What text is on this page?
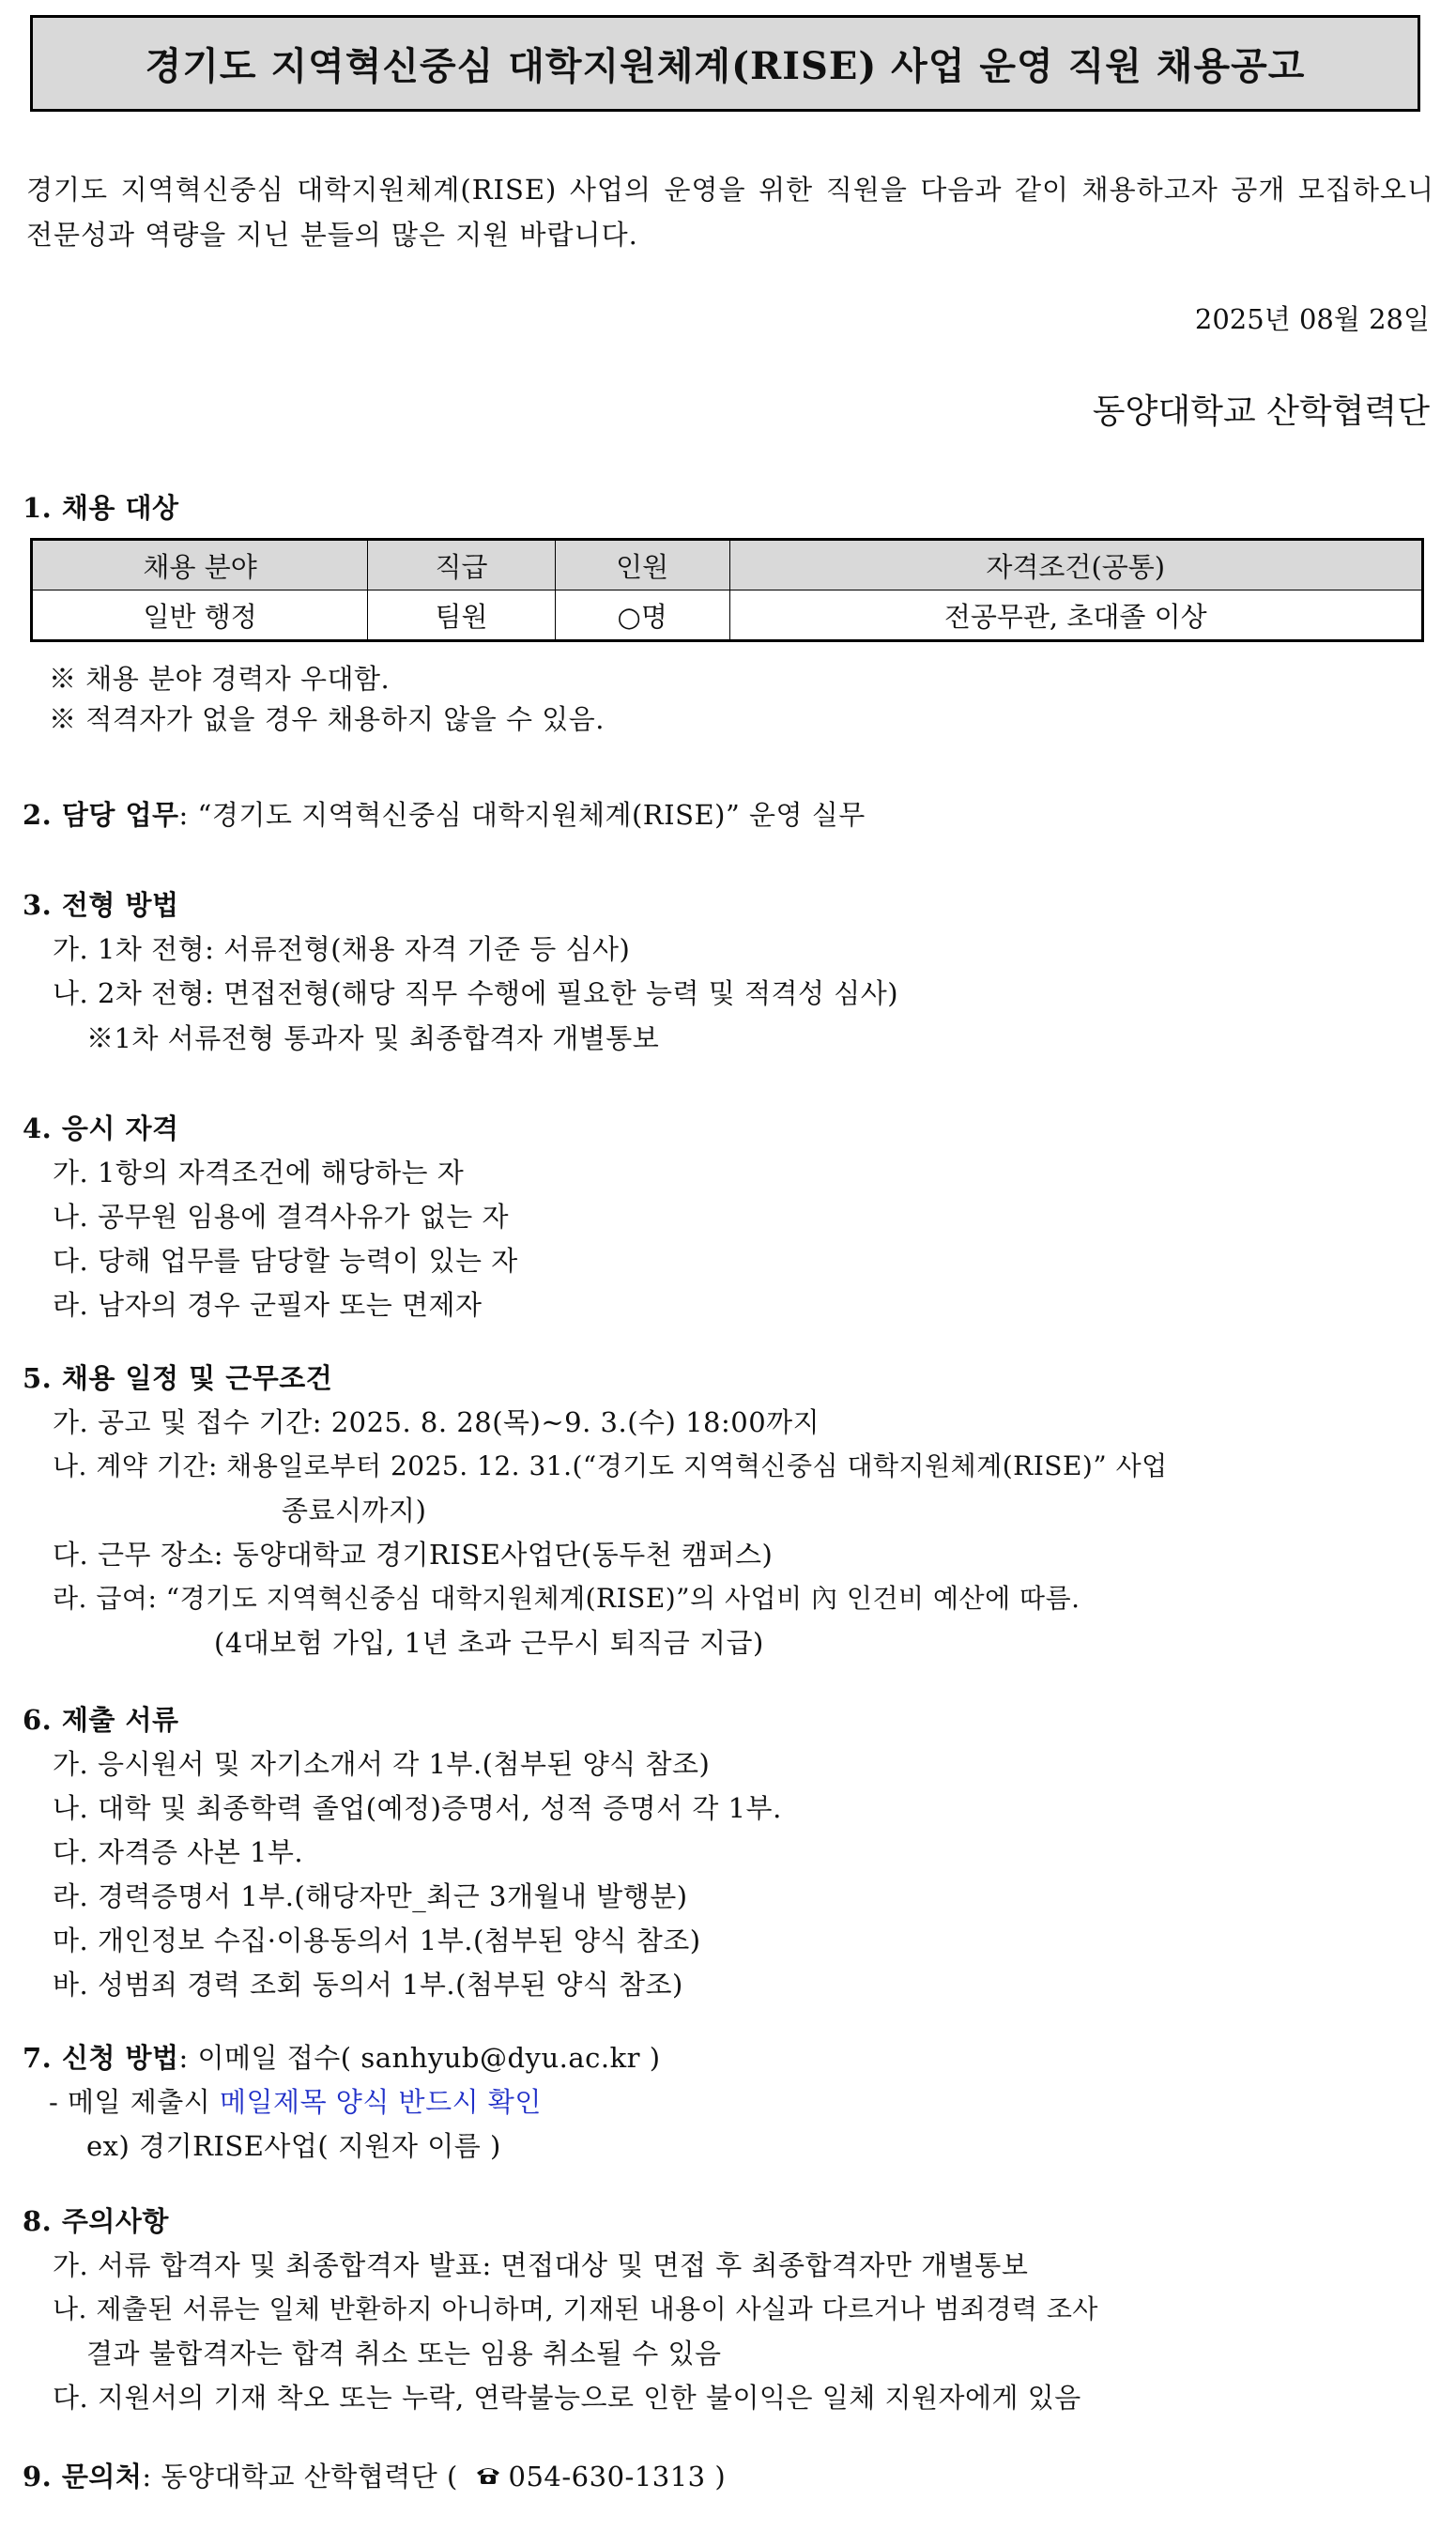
경기도 지역혁신중심 대학지원체계(RISE) 사업 운영 직원 채용공고
경기도 지역혁신중심 대학지원체계(RISE) 사업의 운영을 위한 직원을 다음과 같이 채용하고자 공개 모집하오니 전문성과 역량을 지닌 분들의 많은 지원 바랍니다.
2025년 08월 28일
동양대학교 산학협력단
1. 채용 대상
채용 분야	직급	인원	자격조건(공통)
일반 행정	팀원	○명	전공무관, 초대졸 이상
※ 채용 분야 경력자 우대함.
※ 적격자가 없을 경우 채용하지 않을 수 있음.
2. 담당 업무: “경기도 지역혁신중심 대학지원체계(RISE)” 운영 실무
3. 전형 방법
가. 1차 전형: 서류전형(채용 자격 기준 등 심사)
나. 2차 전형: 면접전형(해당 직무 수행에 필요한 능력 및 적격성 심사)
※1차 서류전형 통과자 및 최종합격자 개별통보
4. 응시 자격
가. 1항의 자격조건에 해당하는 자
나. 공무원 임용에 결격사유가 없는 자
다. 당해 업무를 담당할 능력이 있는 자
라. 남자의 경우 군필자 또는 면제자
5. 채용 일정 및 근무조건
가. 공고 및 접수 기간: 2025. 8. 28(목)~9. 3.(수) 18:00까지
나. 계약 기간: 채용일로부터 2025. 12. 31.(“경기도 지역혁신중심 대학지원체계(RISE)” 사업
종료시까지)
다. 근무 장소: 동양대학교 경기RISE사업단(동두천 캠퍼스)
라. 급여: “경기도 지역혁신중심 대학지원체계(RISE)”의 사업비 內 인건비 예산에 따름.
(4대보험 가입, 1년 초과 근무시 퇴직금 지급)
6. 제출 서류
가. 응시원서 및 자기소개서 각 1부.(첨부된 양식 참조)
나. 대학 및 최종학력 졸업(예정)증명서, 성적 증명서 각 1부.
다. 자격증 사본 1부.
라. 경력증명서 1부.(해당자만_최근 3개월내 발행분)
마. 개인정보 수집·이용동의서 1부.(첨부된 양식 참조)
바. 성범죄 경력 조회 동의서 1부.(첨부된 양식 참조)
7. 신청 방법: 이메일 접수( sanhyub@dyu.ac.kr )
- 메일 제출시 메일제목 양식 반드시 확인
ex) 경기RISE사업( 지원자 이름 )
8. 주의사항
가. 서류 합격자 및 최종합격자 발표: 면접대상 및 면접 후 최종합격자만 개별통보
나. 제출된 서류는 일체 반환하지 아니하며, 기재된 내용이 사실과 다르거나 범죄경력 조사
결과 불합격자는 합격 취소 또는 임용 취소될 수 있음
다. 지원서의 기재 착오 또는 누락, 연락불능으로 인한 불이익은 일체 지원자에게 있음
9. 문의처: 동양대학교 산학협력단 ( 054-630-1313 )
